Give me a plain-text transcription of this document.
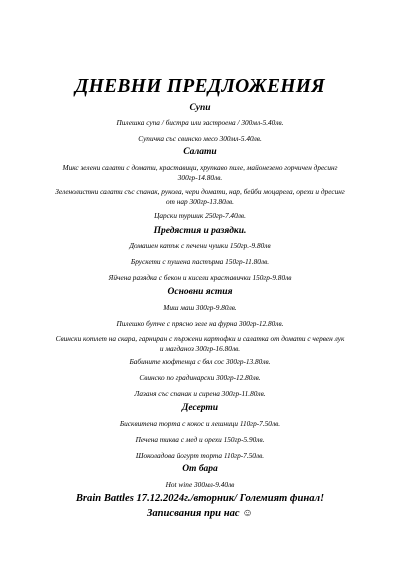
ДНЕВНИ ПРЕДЛОЖЕНИЯ
Супи
Пилешка супа / бистра или застроена / 300мл-5.40лв.
Супичка със свинско месо 300мл-5.40лв.
Салати
Микс зелени салати с домати, краставици, хрупкаво пиле, майонезено горчичен дресинг 300гр-14.80лв.
Зеленолистни салати със спанак, рукола, чери домати, нар, бейби моцарела, орехи и дресинг от нар 300гр-13.80лв.
Царски туршик 250гр-7.40лв.
Предястия и разядки.
Домашен катък с печени чушки 150гр.-9.80лв
Брускети с пушена пастърма 150гр-11.80лв.
Яйчена разядка с бекон и кисели краставички 150гр-9.80лв
Основни ястия
Миш маш 300гр-9.80лв.
Пилешко бутче с прясно зеле на фурна 300гр-12.80лв.
Свински котлет на скара, гарниран с пържени картофки и салатка от домати с червен лук и магданоз 300гр-16.80лв.
Бабините кюфтенца с бял сос 300гр-13.80лв.
Свинско по градинарски 300гр-12.80лв.
Лазаня със спанак и сирена 300гр-11.80лв.
Десерти
Бисквитена торта с кокос и лешници 110гр-7.50лв.
Печена тиква с мед и орехи 150гр-5.90лв.
Шоколадова йогурт торта 110гр-7.50лв.
От бара
Hot wine 300мл-9.40лв
Brain Battles 17.12.2024г./вторник/ Големият финал!
Записвания при нас ☺
